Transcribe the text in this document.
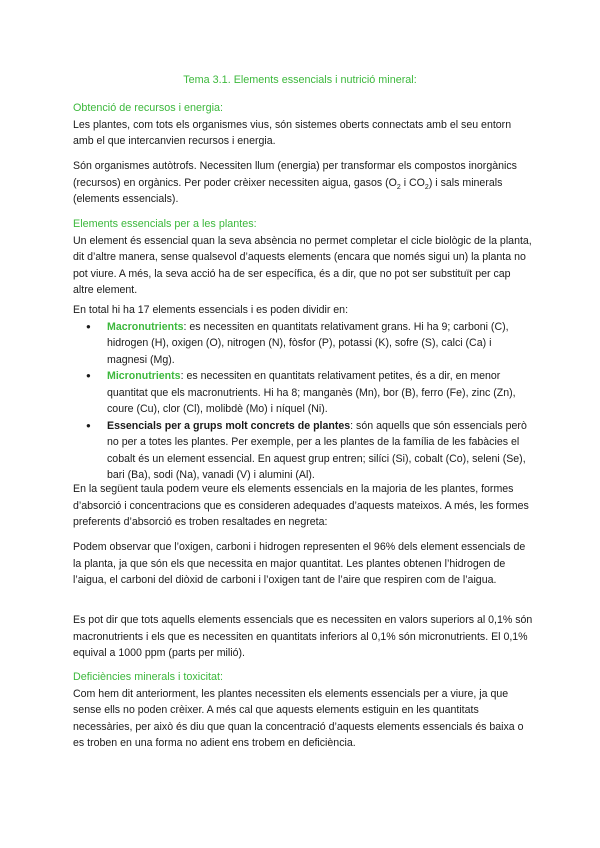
Tema 3.1. Elements essencials i nutrició mineral:
Obtenció de recursos i energia:

Les plantes, com tots els organismes vius, són sistemes oberts connectats amb el seu entorn amb el que intercanvien recursos i energia.

Són organismes autòtrofs. Necessiten llum (energia) per transformar els compostos inorgànics (recursos) en orgànics. Per poder crèixer necessiten aigua, gasos ($O_2$ i $CO_2$) i sals minerals (elements essencials).

Elements essencials per a les plantes:

Un element és essencial quan la seva absència no permet completar el cicle biològic de la planta, dit d’altre manera, sense qualsevol d’aquests elements (encara que només sigui un) la planta no pot viure. A més, la seva acció ha de ser específica, és a dir, que no pot ser substituït per cap altre element.

En total hi ha 17 elements essencials i es poden dividir en:

● Macronutrients: es necessiten en quantitats relativament grans. Hi ha 9; carboni (C), hidrogen (H), oxigen (O), nitrogen (N), fòsfor (P), potassi (K), sofre (S), calci (Ca) i magnesi (Mg).
● Micronutrients: es necessiten en quantitats relativament petites, és a dir, en menor quantitat que els macronutrients. Hi ha 8; manganès (Mn), bor (B), ferro (Fe), zinc (Zn), coure (Cu), clor (Cl), molibdè (Mo) i níquel (Ni).
● Essencials per a grups molt concrets de plantes: són aquells que són essencials però no per a totes les plantes. Per exemple, per a les plantes de la família de les fabàcies el cobalt és un element essencial. En aquest grup entren; silíci (Si), cobalt (Co), seleni (Se), bari (Ba), sodi (Na), vanadi (V) i alumini (Al).

En la següent taula podem veure els elements essencials en la majoria de les plantes, formes d’absorció i concentracions que es consideren adequades d’aquests mateixos. A més, les formes preferents d’absorció es troben resaltades en negreta:

Podem observar que l’oxigen, carboni i hidrogen representen el 96% dels element essencials de la planta, ja que són els que necessita en major quantitat. Les plantes obtenen l’hidrogen de l’aigua, el carboni del diòxid de carboni i l’oxigen tant de l’aire que respiren com de l’aigua.

Es pot dir que tots aquells elements essencials que es necessiten en valors superiors al 0,1% són macronutrients i els que es necessiten en quantitats inferiors al 0,1% són micronutrients. El 0,1% equival a 1000 ppm (parts per milió).

Deficiències minerals i toxicitat:

Com hem dit anteriorment, les plantes necessiten els elements essencials per a viure, ja que sense ells no poden crèixer. A més cal que aquests elements estiguin en les quantitats necessàries, per això és diu que quan la concentració d’aquests elements essencials és baixa o es troben en una forma no adient ens trobem en deficiència.
